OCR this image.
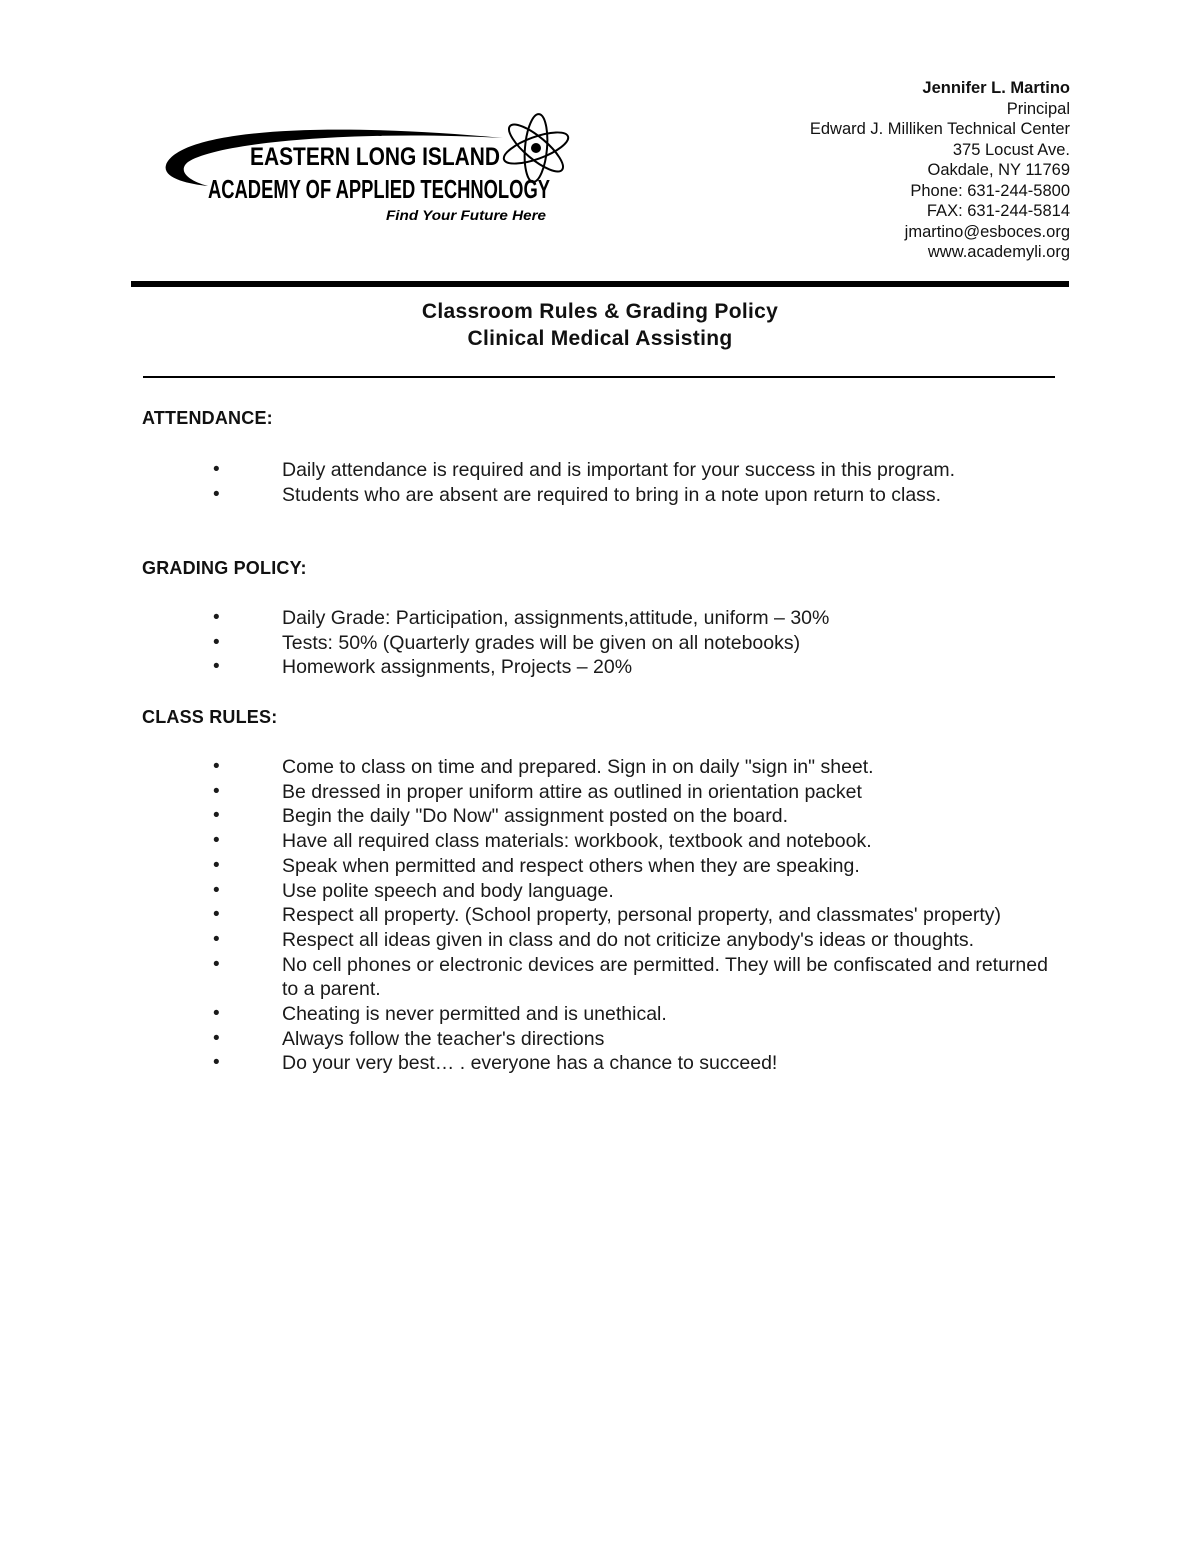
EASTERN LONG ISLAND
ACADEMY OF APPLIED TECHNOLOGY
Find Your Future Here
Jennifer L. Martino
Principal
Edward J. Milliken Technical Center
375 Locust Ave.
Oakdale, NY 11769
Phone: 631-244-5800
FAX: 631-244-5814
jmartino@esboces.org
www.academyli.org
Classroom Rules & Grading Policy
Clinical Medical Assisting
ATTENDANCE:
•	Daily attendance is required and is important for your success in this program.
•	Students who are absent are required to bring in a note upon return to class.
GRADING POLICY:
•	Daily Grade: Participation, assignments,attitude, uniform – 30%
•	Tests: 50% (Quarterly grades will be given on all notebooks)
•	Homework assignments, Projects – 20%
CLASS RULES:
•	Come to class on time and prepared. Sign in on daily "sign in" sheet.
•	Be dressed in proper uniform attire as outlined in orientation packet
•	Begin the daily "Do Now" assignment posted on the board.
•	Have all required class materials: workbook, textbook and notebook.
•	Speak when permitted and respect others when they are speaking.
•	Use polite speech and body language.
•	Respect all property. (School property, personal property, and classmates' property)
•	Respect all ideas given in class and do not criticize anybody's ideas or thoughts.
•	No cell phones or electronic devices are permitted. They will be confiscated and returned to a parent.
•	Cheating is never permitted and is unethical.
•	Always follow the teacher's directions
•	Do your very best… . everyone has a chance to succeed!
